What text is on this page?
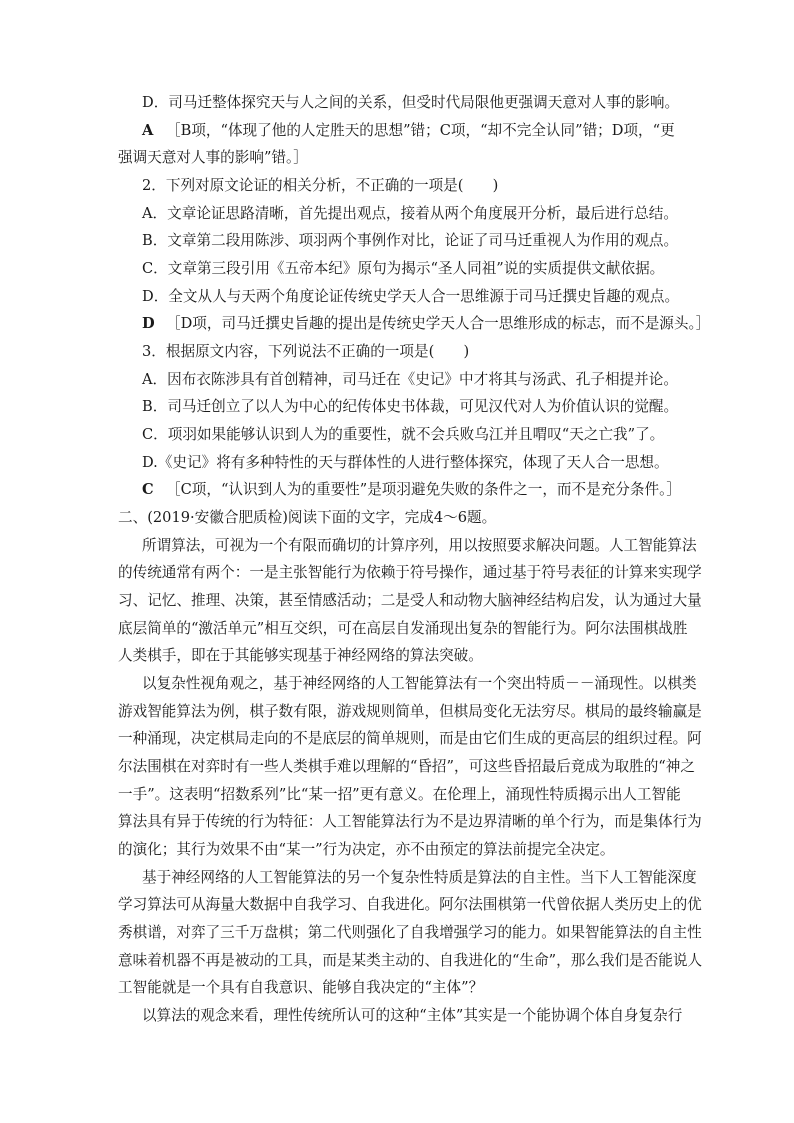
D．司马迁整体探究天与人之间的关系，但受时代局限他更强调天意对人事的影响。
A ［B项，“体现了他的人定胜天的思想”错；C项，“却不完全认同”错；D项，“更
强调天意对人事的影响”错。］
2．下列对原文论证的相关分析，不正确的一项是(　　)
A．文章论证思路清晰，首先提出观点，接着从两个角度展开分析，最后进行总结。
B．文章第二段用陈涉、项羽两个事例作对比，论证了司马迁重视人为作用的观点。
C．文章第三段引用《五帝本纪》原句为揭示“圣人同祖”说的实质提供文献依据。
D．全文从人与天两个角度论证传统史学天人合一思维源于司马迁撰史旨趣的观点。
D ［D项，司马迁撰史旨趣的提出是传统史学天人合一思维形成的标志，而不是源头。］
3．根据原文内容，下列说法不正确的一项是(　　)
A．因布衣陈涉具有首创精神，司马迁在《史记》中才将其与汤武、孔子相提并论。
B．司马迁创立了以人为中心的纪传体史书体裁，可见汉代对人为价值认识的觉醒。
C．项羽如果能够认识到人为的重要性，就不会兵败乌江并且喟叹“天之亡我”了。
D.《史记》将有多种特性的天与群体性的人进行整体探究，体现了天人合一思想。
C ［C项，“认识到人为的重要性”是项羽避免失败的条件之一，而不是充分条件。］
二、(2019·安徽合肥质检)阅读下面的文字，完成4～6题。
所谓算法，可视为一个有限而确切的计算序列，用以按照要求解决问题。人工智能算法
的传统通常有两个：一是主张智能行为依赖于符号操作，通过基于符号表征的计算来实现学
习、记忆、推理、决策，甚至情感活动；二是受人和动物大脑神经结构启发，认为通过大量
底层简单的“激活单元”相互交织，可在高层自发涌现出复杂的智能行为。阿尔法围棋战胜
人类棋手，即在于其能够实现基于神经网络的算法突破。
以复杂性视角观之，基于神经网络的人工智能算法有一个突出特质－－涌现性。以棋类
游戏智能算法为例，棋子数有限，游戏规则简单，但棋局变化无法穷尽。棋局的最终输赢是
一种涌现，决定棋局走向的不是底层的简单规则，而是由它们生成的更高层的组织过程。阿
尔法围棋在对弈时有一些人类棋手难以理解的“昏招”，可这些昏招最后竟成为取胜的“神之
一手”。这表明“招数系列”比“某一招”更有意义。在伦理上，涌现性特质揭示出人工智能
算法具有异于传统的行为特征：人工智能算法行为不是边界清晰的单个行为，而是集体行为
的演化；其行为效果不由“某一”行为决定，亦不由预定的算法前提完全决定。
基于神经网络的人工智能算法的另一个复杂性特质是算法的自主性。当下人工智能深度
学习算法可从海量大数据中自我学习、自我进化。阿尔法围棋第一代曾依据人类历史上的优
秀棋谱，对弈了三千万盘棋；第二代则强化了自我增强学习的能力。如果智能算法的自主性
意味着机器不再是被动的工具，而是某类主动的、自我进化的“生命”，那么我们是否能说人
工智能就是一个具有自我意识、能够自我决定的“主体”？
以算法的观念来看，理性传统所认可的这种“主体”其实是一个能协调个体自身复杂行
